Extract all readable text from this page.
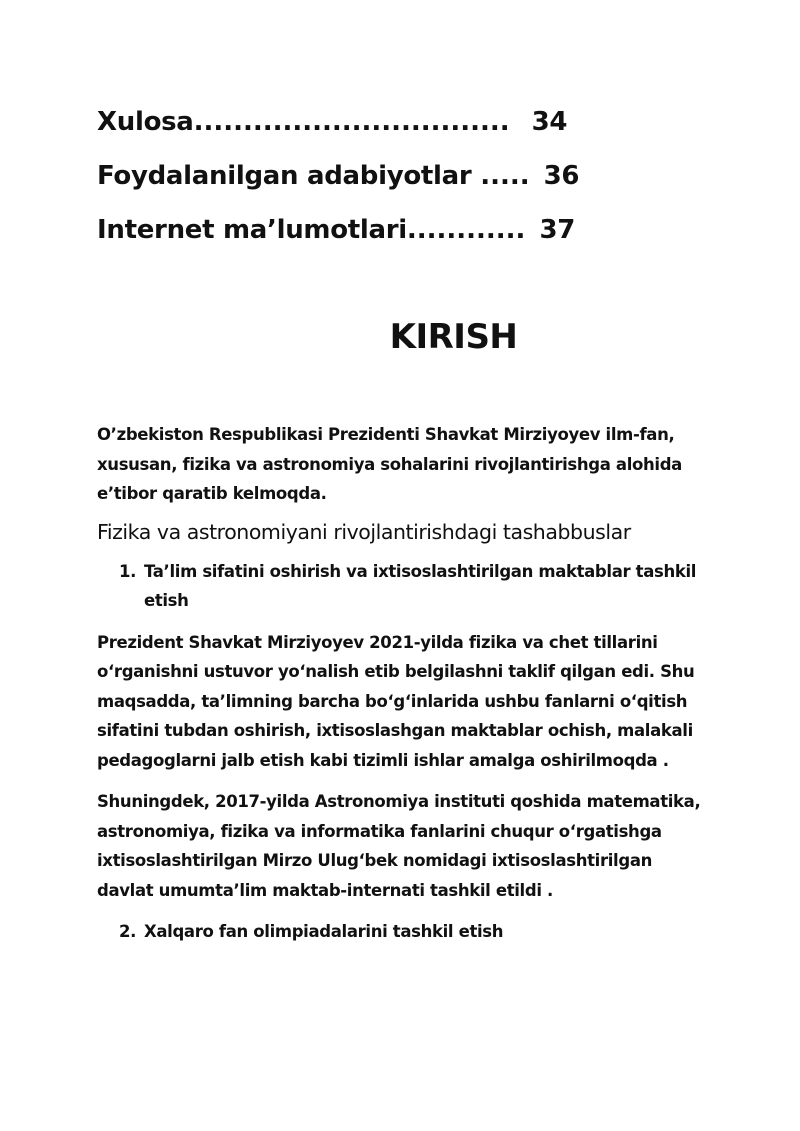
Xulosa................................ 34
Foydalanilgan adabiyotlar ..... 36
Internet ma’lumotlari............ 37
KIRISH

O’zbekiston Respublikasi Prezidenti Shavkat Mirziyoyev ilm-fan, xususan, fizika va astronomiya sohalarini rivojlantirishga alohida e’tibor qaratib kelmoqda.

Fizika va astronomiyani rivojlantirishdagi tashabbuslar
1. Ta’lim sifatini oshirish va ixtisoslashtirilgan maktablar tashkil etish

Prezident Shavkat Mirziyoyev 2021-yilda fizika va chet tillarini o‘rganishni ustuvor yo‘nalish etib belgilashni taklif qilgan edi. Shu maqsadda, ta’limning barcha bo‘g‘inlarida ushbu fanlarni o‘qitish sifatini tubdan oshirish, ixtisoslashgan maktablar ochish, malakali pedagoglarni jalb etish kabi tizimli ishlar amalga oshirilmoqda .

Shuningdek, 2017-yilda Astronomiya instituti qoshida matematika, astronomiya, fizika va informatika fanlarini chuqur o‘rgatishga ixtisoslashtirilgan Mirzo Ulug‘bek nomidagi ixtisoslashtirilgan davlat umumta’lim maktab-internati tashkil etildi .

2. Xalqaro fan olimpiadalarini tashkil etish
